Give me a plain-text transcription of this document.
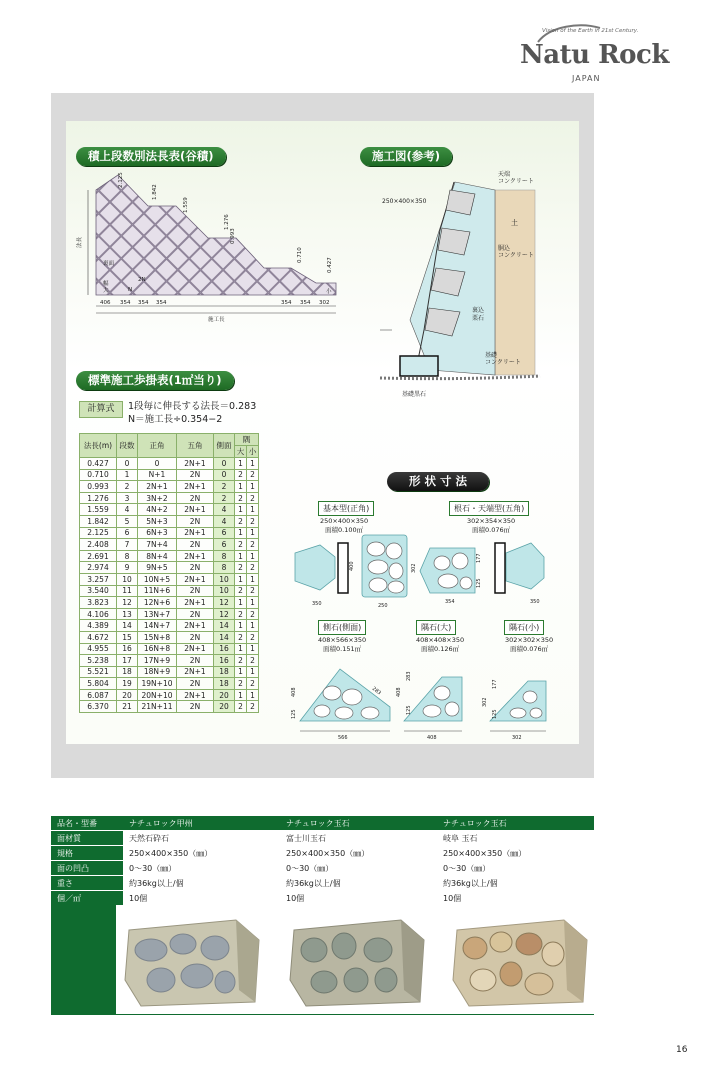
Vision of the Earth in 21st Century.
Natu Rock
JAPAN
積上段数別法長表(谷積)	施工図(参考)
標準施工歩掛表(1㎡当り)
形 状 寸 法
法長
裏面
幅
大
2N
N
2.125
1.842
1.559
1.276
0.993
0.710
0.427
小
406 354 354 354	354 354 302
施工長
天端
コンクリート
250×400×350
土
胴込
コンクリート
裏込
栗石
基礎
コンクリート
基礎黒石
計算式	1段毎に伸長する法長＝0.283
N＝施工長÷0.354−2
法長(m)	段数	正角	五角	側面	隅	
					大	小
0.427	0	0	2N+1	0	1	1
0.710	1	N+1	2N	0	2	2
0.993	2	2N+1	2N+1	2	1	1
1.276	3	3N+2	2N	2	2	2
1.559	4	4N+2	2N+1	4	1	1
1.842	5	5N+3	2N	4	2	2
2.125	6	6N+3	2N+1	6	1	1
2.408	7	7N+4	2N	6	2	2
2.691	8	8N+4	2N+1	8	1	1
2.974	9	9N+5	2N	8	2	2
3.257	10	10N+5	2N+1	10	1	1
3.540	11	11N+6	2N	10	2	2
3.823	12	12N+6	2N+1	12	1	1
4.106	13	13N+7	2N	12	2	2
4.389	14	14N+7	2N+1	14	1	1
4.672	15	15N+8	2N	14	2	2
4.955	16	16N+8	2N+1	16	1	1
5.238	17	17N+9	2N	16	2	2
5.521	18	18N+9	2N+1	18	1	1
5.804	19	19N+10	2N	18	2	2
6.087	20	20N+10	2N+1	20	1	1
6.370	21	21N+11	2N	20	2	2
基本型(正角)
250×400×350
面積0.100㎡
根石・天端型(五角)
302×354×350
面積0.076㎡
350
400
250
354
302
177
125
350
側石(側面)
408×566×350
面積0.151㎡
隅石(大)
408×408×350
面積0.126㎡
隅石(小)
302×302×350
面積0.076㎡
408
566
125
283	408
408
283
125
302
302
177
125
品名・型番	ナチュロック甲州	ナチュロック玉石	ナチュロック玉石
面材質	天然石砕石	富士川玉石	岐阜 玉石
規格	250×400×350（㎜）	250×400×350（㎜）	250×400×350（㎜）
面の凹凸	0〜30（㎜）	0〜30（㎜）	0〜30（㎜）
重さ	約36kg以上/個	約36kg以上/個	約36kg以上/個
個／㎡	10個	10個	10個
16
